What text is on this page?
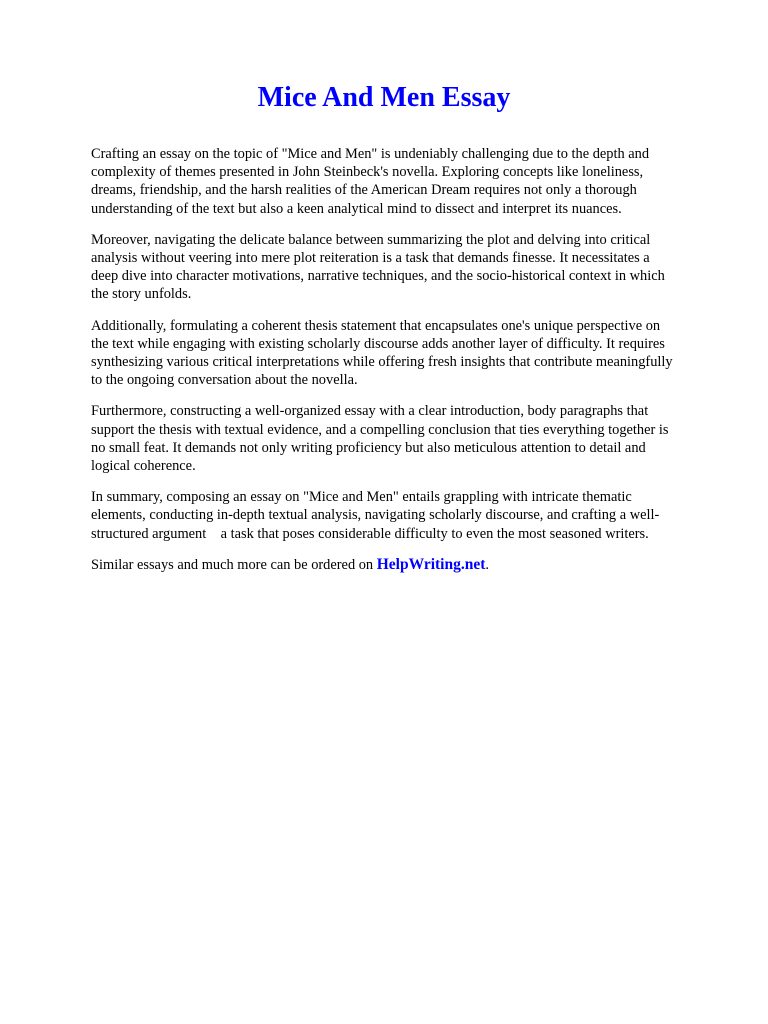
Mice And Men Essay

Crafting an essay on the topic of "Mice and Men" is undeniably challenging due to the depth and
complexity of themes presented in John Steinbeck's novella. Exploring concepts like loneliness,
dreams, friendship, and the harsh realities of the American Dream requires not only a thorough
understanding of the text but also a keen analytical mind to dissect and interpret its nuances.

Moreover, navigating the delicate balance between summarizing the plot and delving into critical
analysis without veering into mere plot reiteration is a task that demands finesse. It necessitates a
deep dive into character motivations, narrative techniques, and the socio-historical context in which
the story unfolds.

Additionally, formulating a coherent thesis statement that encapsulates one's unique perspective on
the text while engaging with existing scholarly discourse adds another layer of difficulty. It requires
synthesizing various critical interpretations while offering fresh insights that contribute meaningfully
to the ongoing conversation about the novella.

Furthermore, constructing a well-organized essay with a clear introduction, body paragraphs that
support the thesis with textual evidence, and a compelling conclusion that ties everything together is
no small feat. It demands not only writing proficiency but also meticulous attention to detail and
logical coherence.

In summary, composing an essay on "Mice and Men" entails grappling with intricate thematic
elements, conducting in-depth textual analysis, navigating scholarly discourse, and crafting a well-
structured argument    a task that poses considerable difficulty to even the most seasoned writers.

Similar essays and much more can be ordered on HelpWriting.net.
